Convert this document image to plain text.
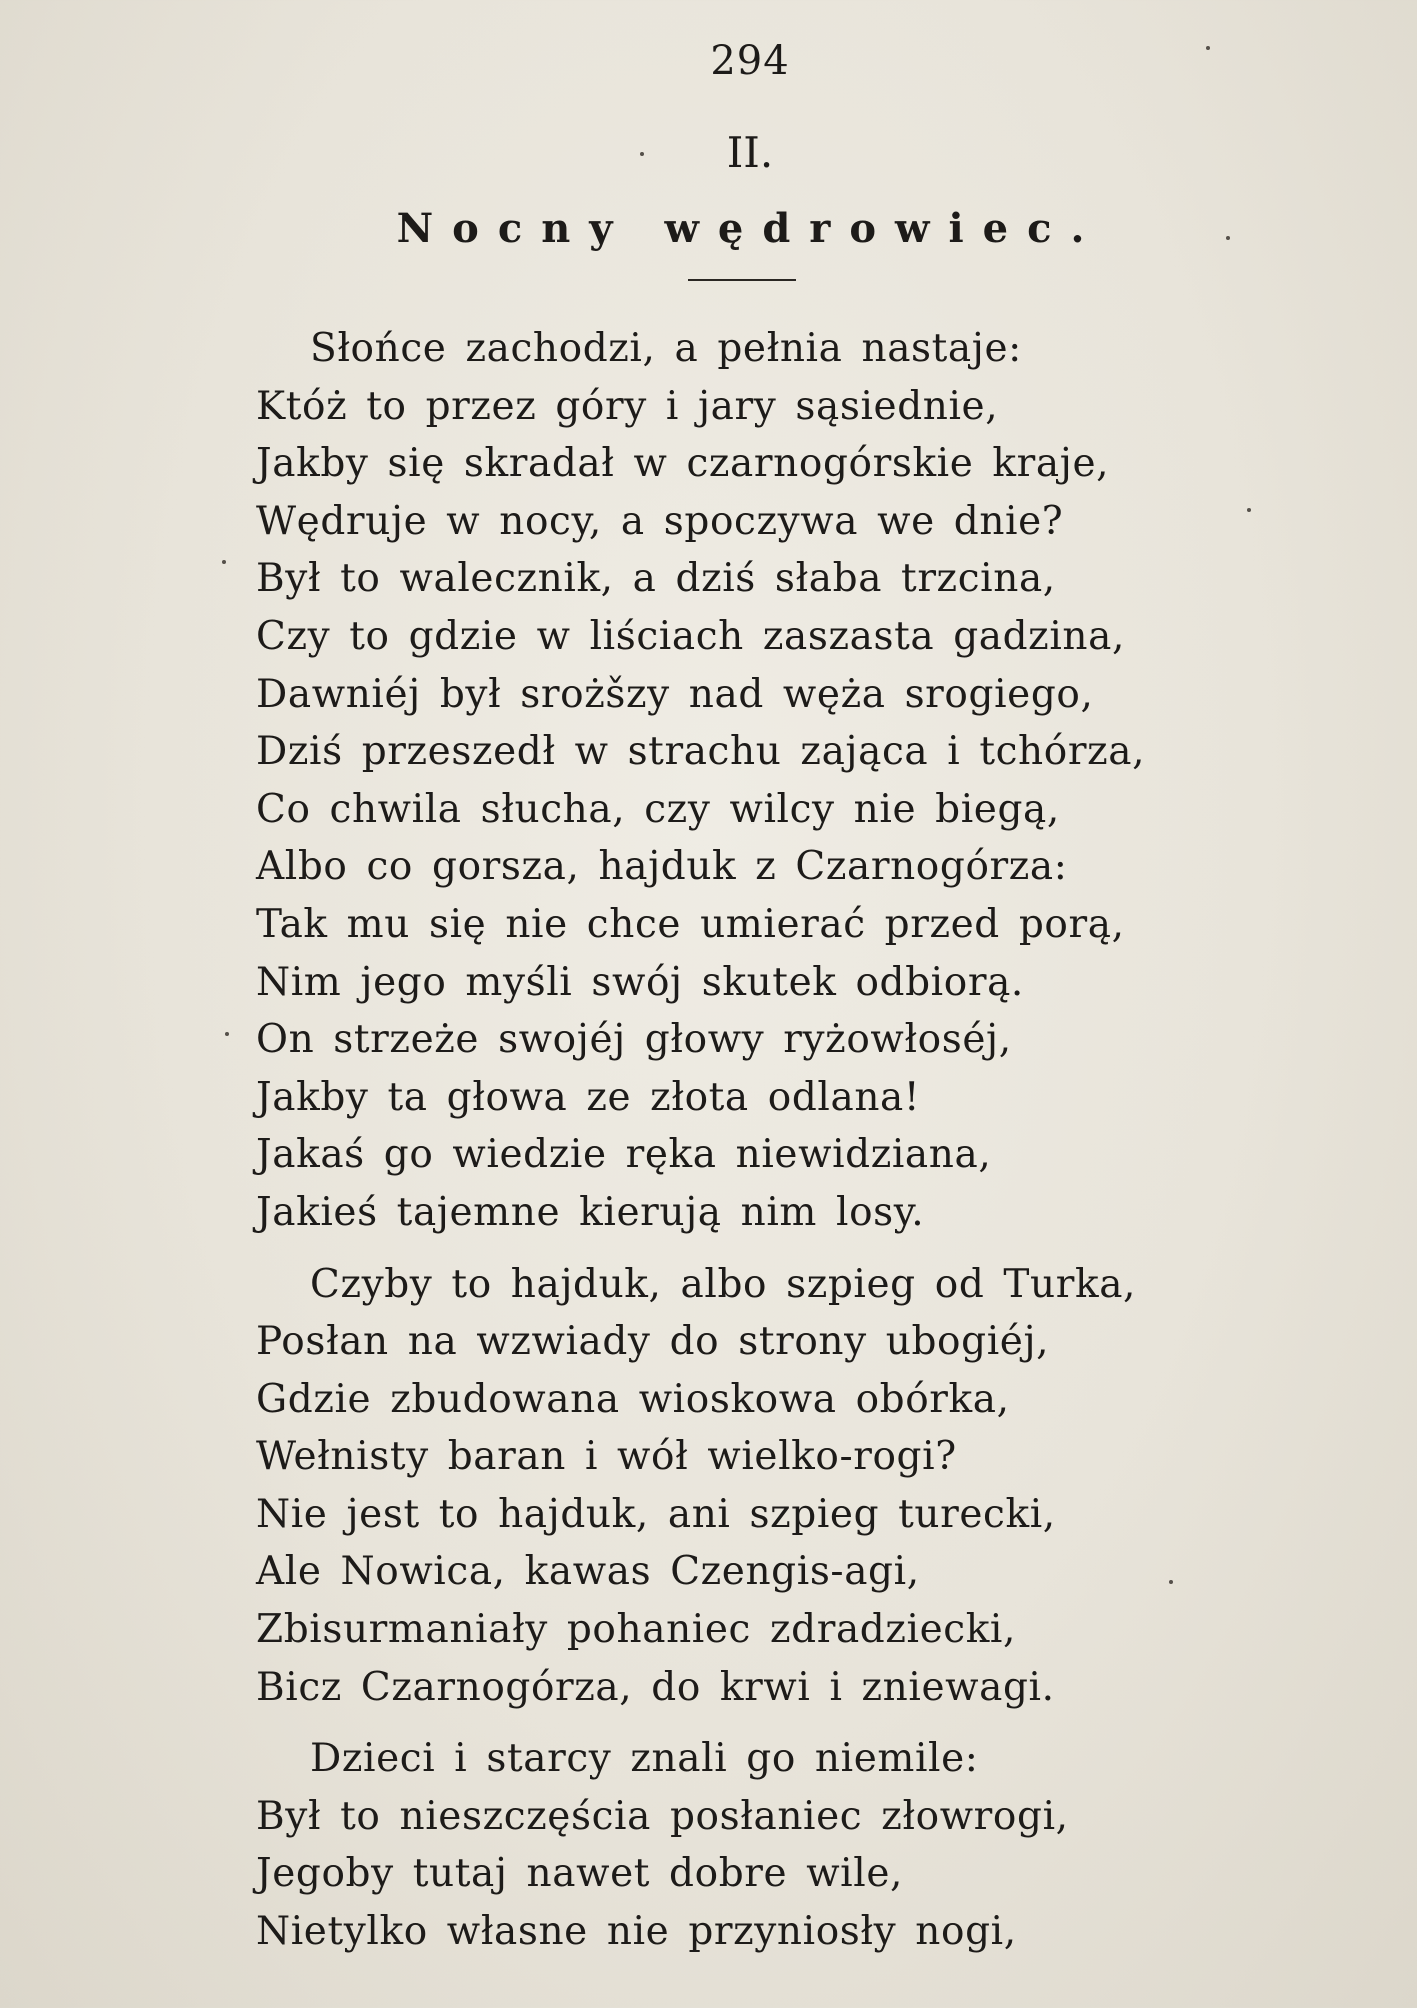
294
II.
Nocny wędrowiec.
Słońce zachodzi, a pełnia nastaje:
Któż to przez góry i jary sąsiednie,
Jakby się skradał w czarnogórskie kraje,
Wędruje w nocy, a spoczywa we dnie?
Był to walecznik, a dziś słaba trzcina,
Czy to gdzie w liściach zaszasta gadzina,
Dawniéj był srożšzy nad węża srogiego,
Dziś przeszedł w strachu zająca i tchórza,
Co chwila słucha, czy wilcy nie biegą,
Albo co gorsza, hajduk z Czarnogórza:
Tak mu się nie chce umierać przed porą,
Nim jego myśli swój skutek odbiorą.
On strzeże swojéj głowy ryżowłoséj,
Jakby ta głowa ze złota odlana!
Jakaś go wiedzie ręka niewidziana,
Jakieś tajemne kierują nim losy.
Czyby to hajduk, albo szpieg od Turka,
Posłan na wzwiady do strony ubogiéj,
Gdzie zbudowana wioskowa obórka,
Wełnisty baran i wół wielko-rogi?
Nie jest to hajduk, ani szpieg turecki,
Ale Nowica, kawas Czengis-agi,
Zbisurmaniały pohaniec zdradziecki,
Bicz Czarnogórza, do krwi i zniewagi.
Dzieci i starcy znali go niemile:
Był to nieszczęścia posłaniec złowrogi,
Jegoby tutaj nawet dobre wile,
Nietylko własne nie przyniosły nogi,
